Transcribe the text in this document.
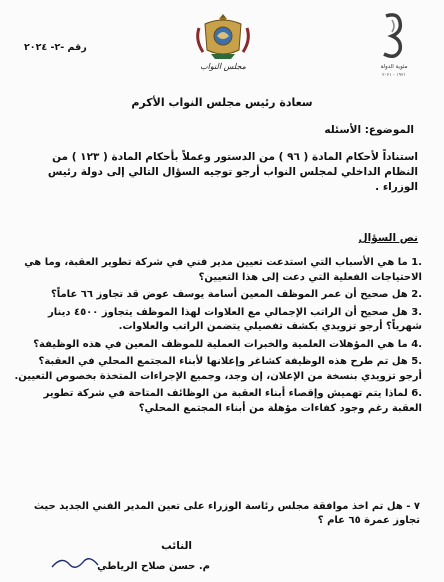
مجلس النواب	مئوية الدولة
١٩٢١ - ٢٠٢١
رقم -٢- ٢٠٢٤
سعادة رئيس مجلس النواب الأكرم
الموضوع: الأسئله
استناداً لأحكام المادة ( ٩٦ ) من الدستور وعملاً بأحكام المادة ( ١٢٣ ) من النظام الداخلي لمجلس النواب أرجو توجيه السؤال التالي إلى دولة رئيس الوزراء .
نص السؤال
.1 ما هي الأسباب التي استدعت تعيين مدير فني في شركة تطوير العقبة، وما هي الاحتياجات الفعلية التي دعت إلى هذا التعيين؟
.2 هل صحيح أن عمر الموظف المعين أسامة يوسف عوض قد تجاوز ٦٦ عاماً؟
.3 هل صحيح أن الراتب الإجمالي مع العلاوات لهذا الموظف يتجاوز ٤٥٠٠ دينار شهرياً؟ أرجو تزويدي بكشف تفصيلي يتضمن الراتب والعلاوات.
.4 ما هي المؤهلات العلمية والخبرات العملية للموظف المعين في هذه الوظيفة؟
.5 هل تم طرح هذه الوظيفة كشاغر وإعلانها لأبناء المجتمع المحلي في العقبة؟ أرجو تزويدي بنسخة من الإعلان، إن وجد، وجميع الإجراءات المتخذة بخصوص التعيين.
.6 لماذا يتم تهميش وإقصاء أبناء العقبة من الوظائف المتاحة في شركة تطوير العقبة رغم وجود كفاءات مؤهلة من أبناء المجتمع المحلي؟
٧ - هل تم اخذ موافقة مجلس رئاسة الوزراء على تعين المدير الفني الجديد حيث تجاوز عمرة ٦٥ عام ؟
النائب
م. حسن صلاح الرياطي
